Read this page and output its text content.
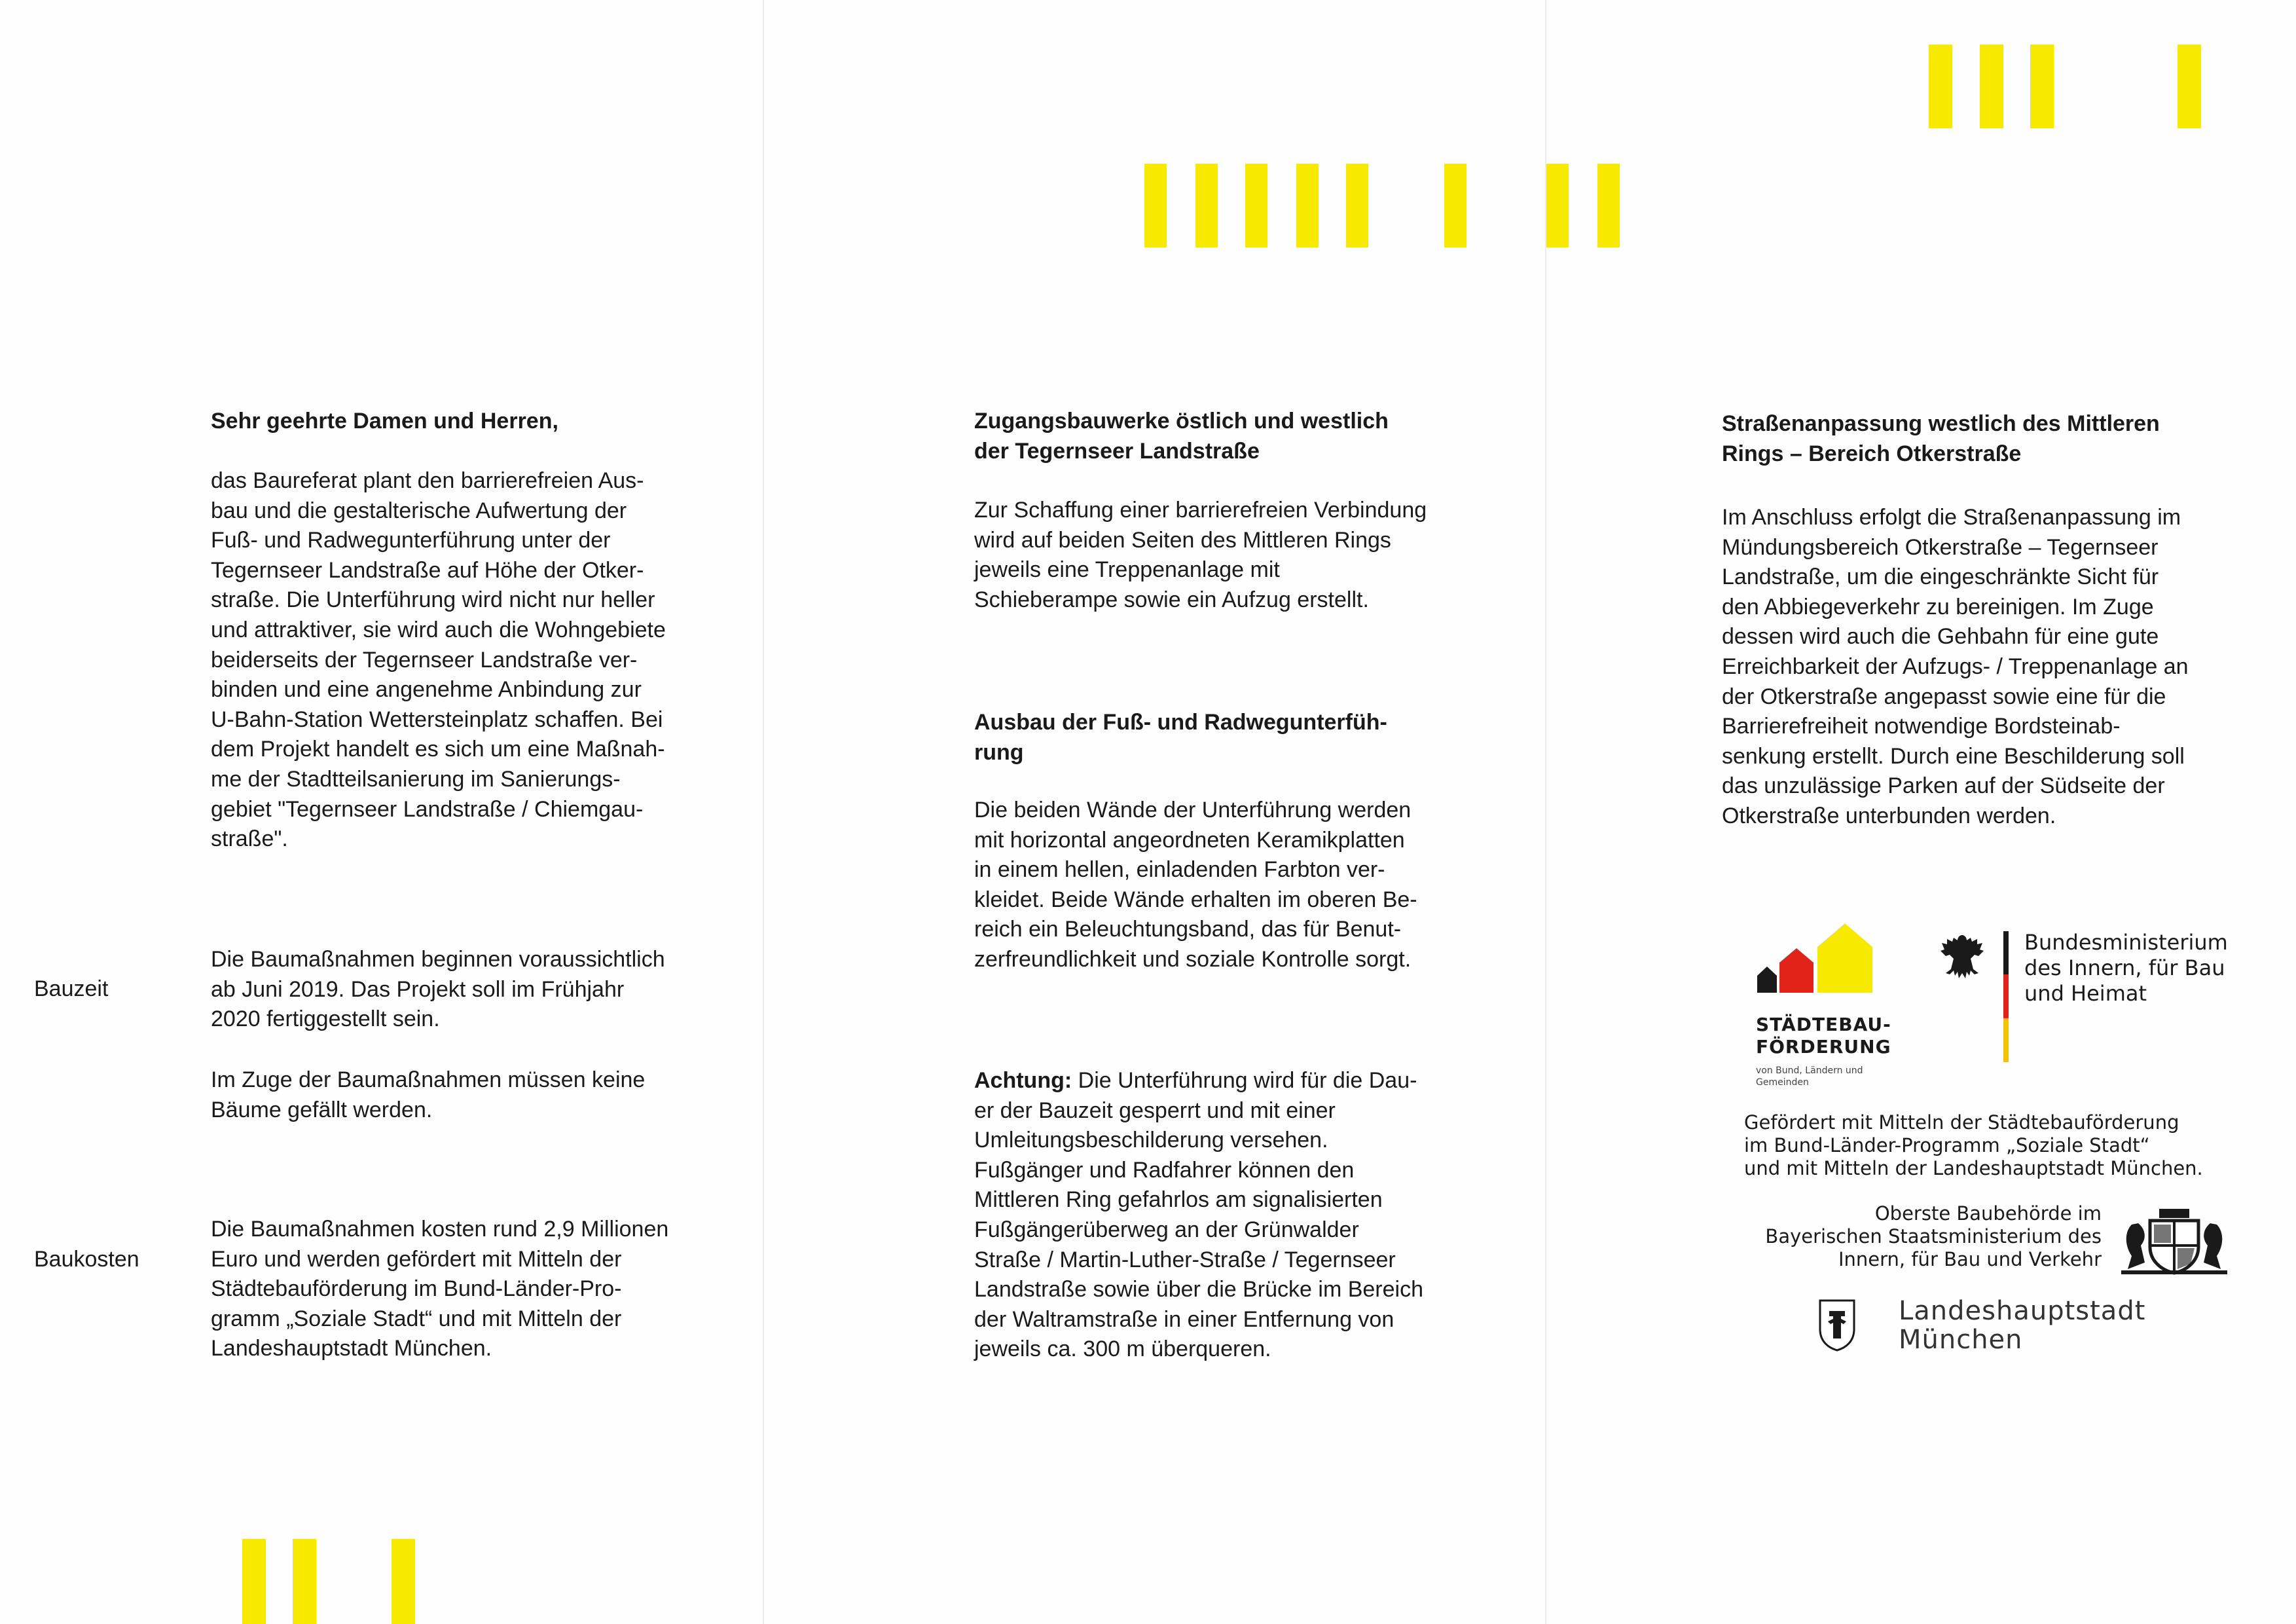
Sehr geehrte Damen und Herren,
das Baureferat plant den barrierefreien Aus-
bau und die gestalterische Aufwertung der
Fuß- und Radwegunterführung unter der
Tegernseer Landstraße auf Höhe der Otker-
straße. Die Unterführung wird nicht nur heller
und attraktiver, sie wird auch die Wohngebiete
beiderseits der Tegernseer Landstraße ver-
binden und eine angenehme Anbindung zur
U-Bahn-Station Wettersteinplatz schaffen. Bei
dem Projekt handelt es sich um eine Maßnah-
me der Stadtteilsanierung im Sanierungs-
gebiet "Tegernseer Landstraße / Chiemgau-
straße".
Bauzeit
Die Baumaßnahmen beginnen voraussichtlich
ab Juni 2019. Das Projekt soll im Frühjahr
2020 fertiggestellt sein.
Im Zuge der Baumaßnahmen müssen keine
Bäume gefällt werden.
Baukosten
Die Baumaßnahmen kosten rund 2,9 Millionen
Euro und werden gefördert mit Mitteln der
Städtebauförderung im Bund-Länder-Pro-
gramm „Soziale Stadt“ und mit Mitteln der
Landeshauptstadt München.
Zugangsbauwerke östlich und westlich
der Tegernseer Landstraße
Zur Schaffung einer barrierefreien Verbindung
wird auf beiden Seiten des Mittleren Rings
jeweils eine Treppenanlage mit
Schieberampe sowie ein Aufzug erstellt.
Ausbau der Fuß- und Radwegunterfüh-
rung
Die beiden Wände der Unterführung werden
mit horizontal angeordneten Keramikplatten
in einem hellen, einladenden Farbton ver-
kleidet. Beide Wände erhalten im oberen Be-
reich ein Beleuchtungsband, das für Benut-
zerfreundlichkeit und soziale Kontrolle sorgt.
Achtung: Die Unterführung wird für die Dau-
er der Bauzeit gesperrt und mit einer
Umleitungsbeschilderung versehen.
Fußgänger und Radfahrer können den
Mittleren Ring gefahrlos am signalisierten
Fußgängerüberweg an der Grünwalder
Straße / Martin-Luther-Straße / Tegernseer
Landstraße sowie über die Brücke im Bereich
der Waltramstraße in einer Entfernung von
jeweils ca. 300 m überqueren.
Straßenanpassung westlich des Mittleren
Rings – Bereich Otkerstraße
Im Anschluss erfolgt die Straßenanpassung im
Mündungsbereich Otkerstraße – Tegernseer
Landstraße, um die eingeschränkte Sicht für
den Abbiegeverkehr zu bereinigen. Im Zuge
dessen wird auch die Gehbahn für eine gute
Erreichbarkeit der Aufzugs- / Treppenanlage an
der Otkerstraße angepasst sowie eine für die
Barrierefreiheit notwendige Bordsteinab-
senkung erstellt. Durch eine Beschilderung soll
das unzulässige Parken auf der Südseite der
Otkerstraße unterbunden werden.
STÄDTEBAU-
FÖRDERUNG
von Bund, Ländern und
Gemeinden
Bundesministerium
des Innern, für Bau
und Heimat
Gefördert mit Mitteln der Städtebauförderung
im Bund-Länder-Programm „Soziale Stadt“
und mit Mitteln der Landeshauptstadt München.
Oberste Baubehörde im
Bayerischen Staatsministerium des
Innern, für Bau und Verkehr
Landeshauptstadt
München
